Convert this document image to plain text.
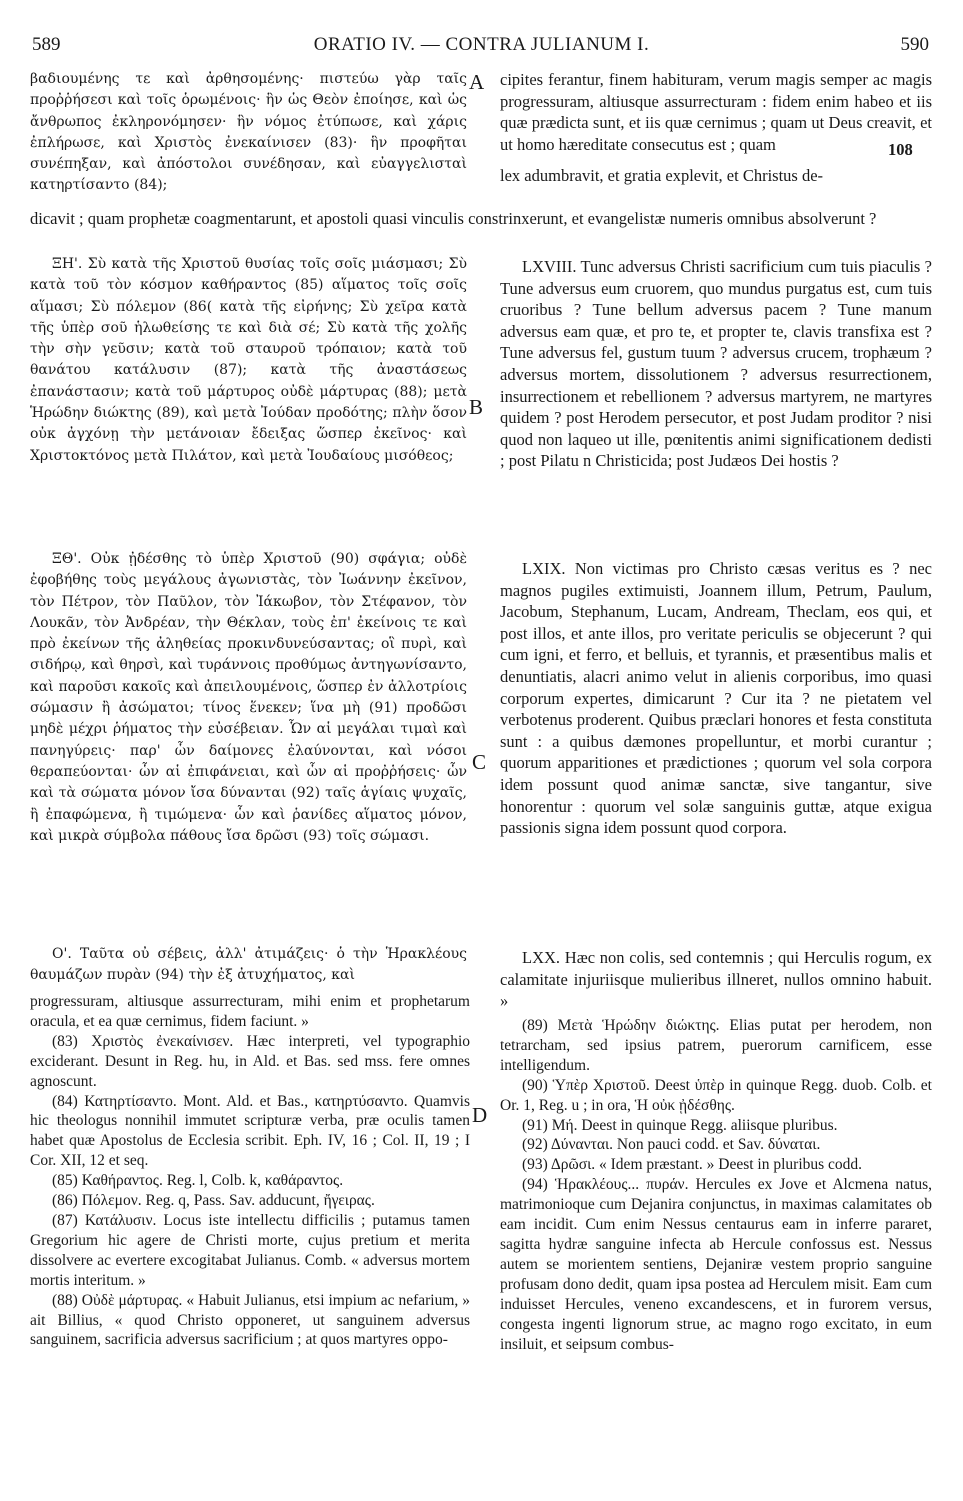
589	ORATIO IV. — CONTRA JULIANUM I.	590
A
B
C
D

βαδιουμένης τε καὶ ἀρθησομένης· πιστεύω γὰρ ταῖς προῤῥήσεσι καὶ τοῖς ὁρωμένοις· ἣν ὡς Θεὸν ἐποίησε, καὶ ὡς ἄνθρωπος ἐκληρονόμησεν· ἣν νόμος ἐτύπωσε, καὶ χάρις ἐπλήρωσε, καὶ Χριστὸς ἐνεκαίνισεν (83)· ἣν προφῆται συνέπηξαν, καὶ ἀπόστολοι συνέδησαν, καὶ εὐαγγελισταὶ κατηρτίσαντο (84);

cipites ferantur, finem habituram, verum magis semper ac magis progressuram, altiusque assurrecturam : fidem enim habeo et iis quæ prædicta sunt, et iis quæ cernimus ; quam ut Deus creavit, et ut homo hæreditate consecutus est ; quam

lex adumbravit, et gratia explevit, et Christus de-

108
dicavit ; quam prophetæ coagmentarunt, et apostoli quasi vinculis constrinxerunt, et evangelistæ numeris omnibus absolverunt ?

ΞΗ'. Σὺ κατὰ τῆς Χριστοῦ θυσίας τοῖς σοῖς μιάσμασι; Σὺ κατὰ τοῦ τὸν κόσμον καθήραντος (85) αἵματος τοῖς σοῖς αἵμασι; Σὺ πόλεμον (86( κατὰ τῆς εἰρήνης; Σὺ χεῖρα κατὰ τῆς ὑπὲρ σοῦ ἡλωθείσης τε καὶ διὰ σέ; Σὺ κατὰ τῆς χολῆς τὴν σὴν γεῦσιν; κατὰ τοῦ σταυροῦ τρόπαιον; κατὰ τοῦ θανάτου κατάλυσιν (87); κατὰ τῆς ἀναστάσεως ἐπανάστασιν; κατὰ τοῦ μάρτυρος οὐδὲ μάρτυρας (88); μετὰ Ἡρώδην διώκτης (89), καὶ μετὰ Ἰούδαν προδότης; πλὴν ὅσον οὐκ ἀγχόνῃ τὴν μετάνοιαν ἔδειξας ὥσπερ ἐκεῖνος· καὶ Χριστοκτόνος μετὰ Πιλάτον, καὶ μετὰ Ἰουδαίους μισόθεος;

LXVIII. Tunc adversus Christi sacrificium cum tuis piaculis ? Tune adversus eum cruorem, quo mundus purgatus est, cum tuis cruoribus ? Tune bellum adversus pacem ? Tune manum adversus eam quæ, et pro te, et propter te, clavis transfixa est ? Tune adversus fel, gustum tuum ? adversus crucem, trophæum ? adversus mortem, dissolutionem ? adversus resurrectionem, insurrectionem et rebellionem ? adversus martyrem, ne martyres quidem ? post Herodem persecutor, et post Judam proditor ? nisi quod non laqueo ut ille, pœnitentis animi significationem dedisti ; post Pilatu n Christicida; post Judæos Dei hostis ?

ΞΘ'. Οὐκ ᾐδέσθης τὸ ὑπὲρ Χριστοῦ (90) σφάγια; οὐδὲ ἐφοβήθης τοὺς μεγάλους ἀγωνιστὰς, τὸν Ἰωάννην ἐκεῖνον, τὸν Πέτρον, τὸν Παῦλον, τὸν Ἰάκωβον, τὸν Στέφανον, τὸν Λουκᾶν, τὸν Ἀνδρέαν, τὴν Θέκλαν, τοὺς ἐπ' ἐκείνοις τε καὶ πρὸ ἐκείνων τῆς ἀληθείας προκινδυνεύσαντας; οἳ πυρὶ, καὶ σιδήρῳ, καὶ θηρσὶ, καὶ τυράννοις προθύμως ἀντηγωνίσαντο, καὶ παροῦσι κακοῖς καὶ ἀπειλουμένοις, ὥσπερ ἐν ἀλλοτρίοις σώμασιν ἢ ἀσώματοι; τίνος ἕνεκεν; ἵνα μὴ (91) προδῶσι μηδὲ μέχρι ῥήματος τὴν εὐσέβειαν. Ὧν αἱ μεγάλαι τιμαὶ καὶ πανηγύρεις· παρ' ὧν δαίμονες ἐλαύνονται, καὶ νόσοι θεραπεύονται· ὧν αἱ ἐπιφάνειαι, καὶ ὧν αἱ προῤῥήσεις· ὧν καὶ τὰ σώματα μόνον ἴσα δύνανται (92) ταῖς ἁγίαις ψυχαῖς, ἢ ἐπαφώμενα, ἢ τιμώμενα· ὧν καὶ ῥανίδες αἵματος μόνον, καὶ μικρὰ σύμβολα πάθους ἴσα δρῶσι (93) τοῖς σώμασι.

LXIX. Non victimas pro Christo cæsas veritus es ? nec magnos pugiles extimuisti, Joannem illum, Petrum, Paulum, Jacobum, Stephanum, Lucam, Andream, Theclam, eos qui, et post illos, et ante illos, pro veritate periculis se objecerunt ? qui cum igni, et ferro, et belluis, et tyrannis, et præsentibus malis et denuntiatis, alacri animo velut in alienis corporibus, imo quasi corporum expertes, dimicarunt ? Cur ita ? ne pietatem vel verbotenus proderent. Quibus præclari honores et festa constituta sunt : a quibus dæmones propelluntur, et morbi curantur ; quorum apparitiones et prædictiones ; quorum vel sola corpora idem possunt quod animæ sanctæ, sive tangantur, sive honorentur : quorum vel solæ sanguinis guttæ, atque exigua passionis signa idem possunt quod corpora.

Ο'. Ταῦτα οὐ σέβεις, ἀλλ' ἀτιμάζεις· ὁ τὴν Ἡρακλέους θαυμάζων πυρὰν (94) τὴν ἐξ ἀτυχήματος, καὶ

LXX. Hæc non colis, sed contemnis ; qui Herculis rogum, ex calamitate injuriisque mulieribus illneret, nullos omnino habuit. »

progressuram, altiusque assurrecturam, mihi enim et prophetarum oracula, et ea quæ cernimus, fidem faciunt. »

(83) Χριστὸς ἐνεκαίνισεν. Hæc interpreti, vel typographio exciderant. Desunt in Reg. hu, in Ald. et Bas. sed mss. fere omnes agnoscunt.

(84) Κατηρτίσαντο. Mont. Ald. et Bas., κατηρτύσαντο. Quamvis hic theologus nonnihil immutet scripturæ verba, præ oculis tamen habet quæ Apostolus de Ecclesia scribit. Eph. IV, 16 ; Col. II, 19 ; I Cor. XII, 12 et seq.

(85) Καθήραντος. Reg. l, Colb. k, καθάραντος.

(86) Πόλεμον. Reg. q, Pass. Sav. adducunt, ἤγειρας.

(87) Κατάλυσιν. Locus iste intellectu difficilis ; putamus tamen Gregorium hic agere de Christi morte, cujus pretium et merita dissolvere ac evertere excogitabat Julianus. Comb. « adversus mortem mortis interitum. »

(88) Οὐδὲ μάρτυρας. « Habuit Julianus, etsi impium ac nefarium, » ait Billius, « quod Christo opponeret, ut sanguinem adversus sanguinem, sacrificia adversus sacrificium ; at quos martyres oppo-

(89) Μετὰ Ἡρώδην διώκτης. Elias putat per herodem, non tetrarcham, sed ipsius patrem, puerorum carnificem, esse intelligendum.

(90) Ὑπὲρ Χριστοῦ. Deest ὑπὲρ in quinque Regg. duob. Colb. et Or. 1, Reg. u ; in ora, Ἡ οὐκ ᾐδέσθης.

(91) Μή. Deest in quinque Regg. aliisque pluribus.

(92) Δύνανται. Non pauci codd. et Sav. δύναται.

(93) Δρῶσι. « Idem præstant. » Deest in pluribus codd.

(94) Ἡρακλέους... πυράν. Hercules ex Jove et Alcmena natus, matrimonioque cum Dejanira conjunctus, in maximas calamitates ob eam incidit. Cum enim Nessus centaurus eam in inferre pararet, sagitta hydræ sanguine infecta ab Hercule confossus est. Nessus autem se morientem sentiens, Dejaniræ vestem proprio sanguine profusam dono dedit, quam ipsa postea ad Herculem misit. Eam cum induisset Hercules, veneno excandescens, et in furorem versus, congesta ingenti lignorum strue, ac magno rogo excitato, in eum insiluit, et seipsum combus-
